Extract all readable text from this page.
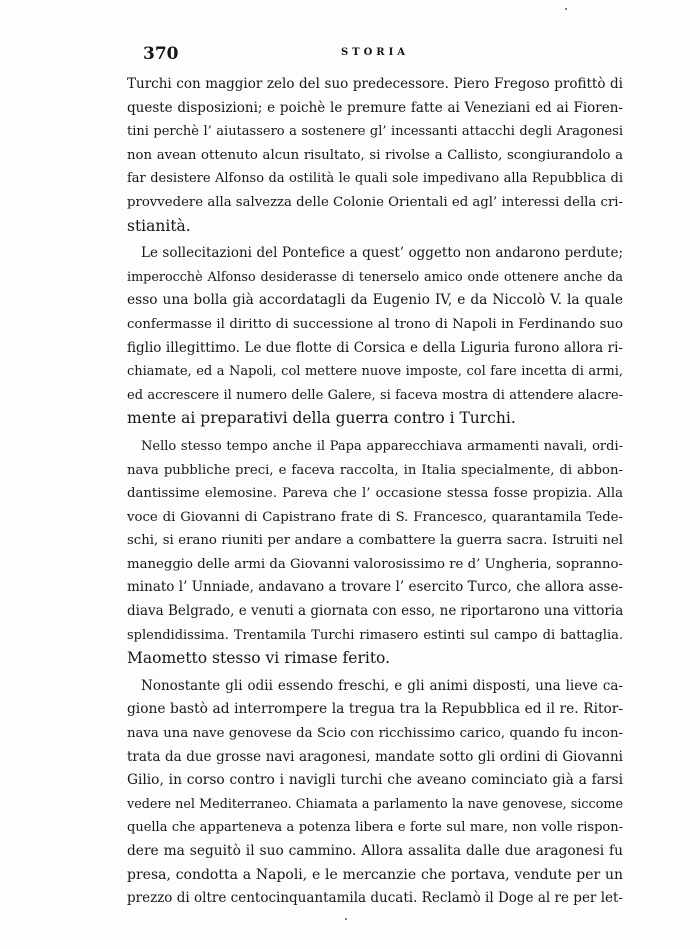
370	STORIA
Turchi con maggior zelo del suo predecessore. Piero Fregoso profittò di
queste disposizioni; e poichè le premure fatte ai Veneziani ed ai Fioren-
tini perchè l’ aiutassero a sostenere gl’ incessanti attacchi degli Aragonesi
non avean ottenuto alcun risultato, si rivolse a Callisto, scongiurandolo a
far desistere Alfonso da ostilità le quali sole impedivano alla Repubblica di
provvedere alla salvezza delle Colonie Orientali ed agl’ interessi della cri-
stianità.
Le sollecitazioni del Pontefice a quest’ oggetto non andarono perdute;
imperocchè Alfonso desiderasse di tenerselo amico onde ottenere anche da
esso una bolla già accordatagli da Eugenio IV, e da Niccolò V. la quale
confermasse il diritto di successione al trono di Napoli in Ferdinando suo
figlio illegittimo. Le due flotte di Corsica e della Liguria furono allora ri-
chiamate, ed a Napoli, col mettere nuove imposte, col fare incetta di armi,
ed accrescere il numero delle Galere, si faceva mostra di attendere alacre-
mente ai preparativi della guerra contro i Turchi.
Nello stesso tempo anche il Papa apparecchiava armamenti navali, ordi-
nava pubbliche preci, e faceva raccolta, in Italia specialmente, di abbon-
dantissime elemosine. Pareva che l’ occasione stessa fosse propizia. Alla
voce di Giovanni di Capistrano frate di S. Francesco, quarantamila Tede-
schi, si erano riuniti per andare a combattere la guerra sacra. Istruiti nel
maneggio delle armi da Giovanni valorosissimo re d’ Ungheria, sopranno-
minato l’ Unniade, andavano a trovare l’ esercito Turco, che allora asse-
diava Belgrado, e venuti a giornata con esso, ne riportarono una vittoria
splendidissima. Trentamila Turchi rimasero estinti sul campo di battaglia.
Maometto stesso vi rimase ferito.
Nonostante gli odii essendo freschi, e gli animi disposti, una lieve ca-
gione bastò ad interrompere la tregua tra la Repubblica ed il re. Ritor-
nava una nave genovese da Scio con ricchissimo carico, quando fu incon-
trata da due grosse navi aragonesi, mandate sotto gli ordini di Giovanni
Gilio, in corso contro i navigli turchi che aveano cominciato già a farsi
vedere nel Mediterraneo. Chiamata a parlamento la nave genovese, siccome
quella che apparteneva a potenza libera e forte sul mare, non volle rispon-
dere ma seguitò il suo cammino. Allora assalita dalle due aragonesi fu
presa, condotta a Napoli, e le mercanzie che portava, vendute per un
prezzo di oltre centocinquantamila ducati. Reclamò il Doge al re per let-
